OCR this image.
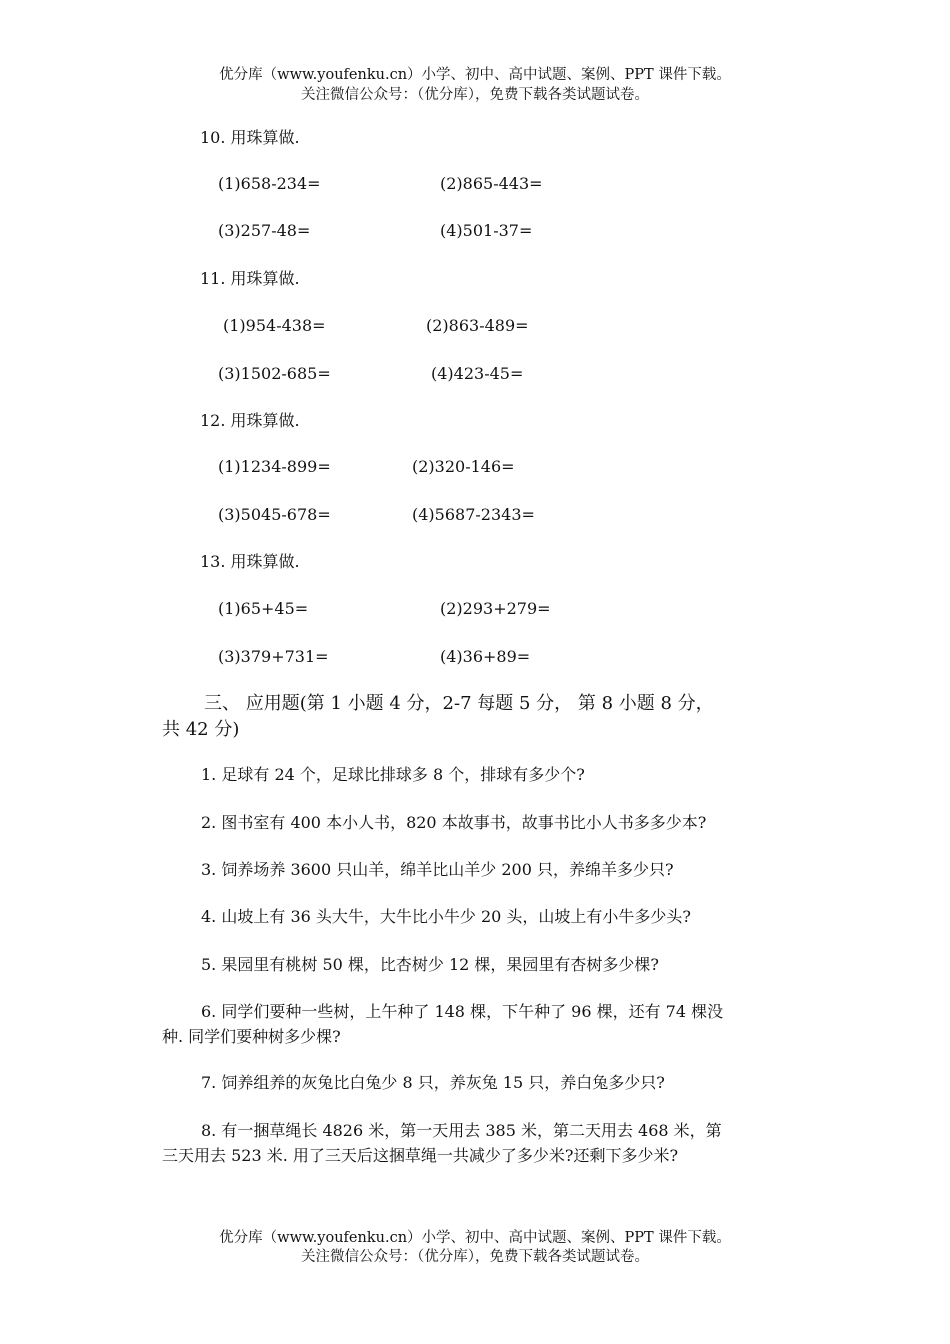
优分库（www.youfenku.cn）小学、初中、高中试题、案例、PPT 课件下载。
关注微信公众号：（优分库），免费下载各类试题试卷。
10. 用珠算做.
(1)658-234=	(2)865-443=
(3)257-48=	(4)501-37=
11. 用珠算做.
(1)954-438=	(2)863-489=
(3)1502-685=	(4)423-45=
12. 用珠算做.
(1)1234-899=	(2)320-146=
(3)5045-678=	(4)5687-2343=
13. 用珠算做.
(1)65+45=	(2)293+279=
(3)379+731=	(4)36+89=
三、 应用题(第 1 小题 4 分，2-7 每题 5 分， 第 8 小题 8 分，
共 42 分)
1. 足球有 24 个，足球比排球多 8 个，排球有多少个?
2. 图书室有 400 本小人书，820 本故事书，故事书比小人书多多少本?
3. 饲养场养 3600 只山羊，绵羊比山羊少 200 只，养绵羊多少只?
4. 山坡上有 36 头大牛，大牛比小牛少 20 头，山坡上有小牛多少头?
5. 果园里有桃树 50 棵，比杏树少 12 棵，果园里有杏树多少棵?
6. 同学们要种一些树，上午种了 148 棵，下午种了 96 棵，还有 74 棵没
种. 同学们要种树多少棵?
7. 饲养组养的灰兔比白兔少 8 只，养灰兔 15 只，养白兔多少只?
8. 有一捆草绳长 4826 米，第一天用去 385 米，第二天用去 468 米，第
三天用去 523 米. 用了三天后这捆草绳一共减少了多少米?还剩下多少米?
优分库（www.youfenku.cn）小学、初中、高中试题、案例、PPT 课件下载。
关注微信公众号：（优分库），免费下载各类试题试卷。
